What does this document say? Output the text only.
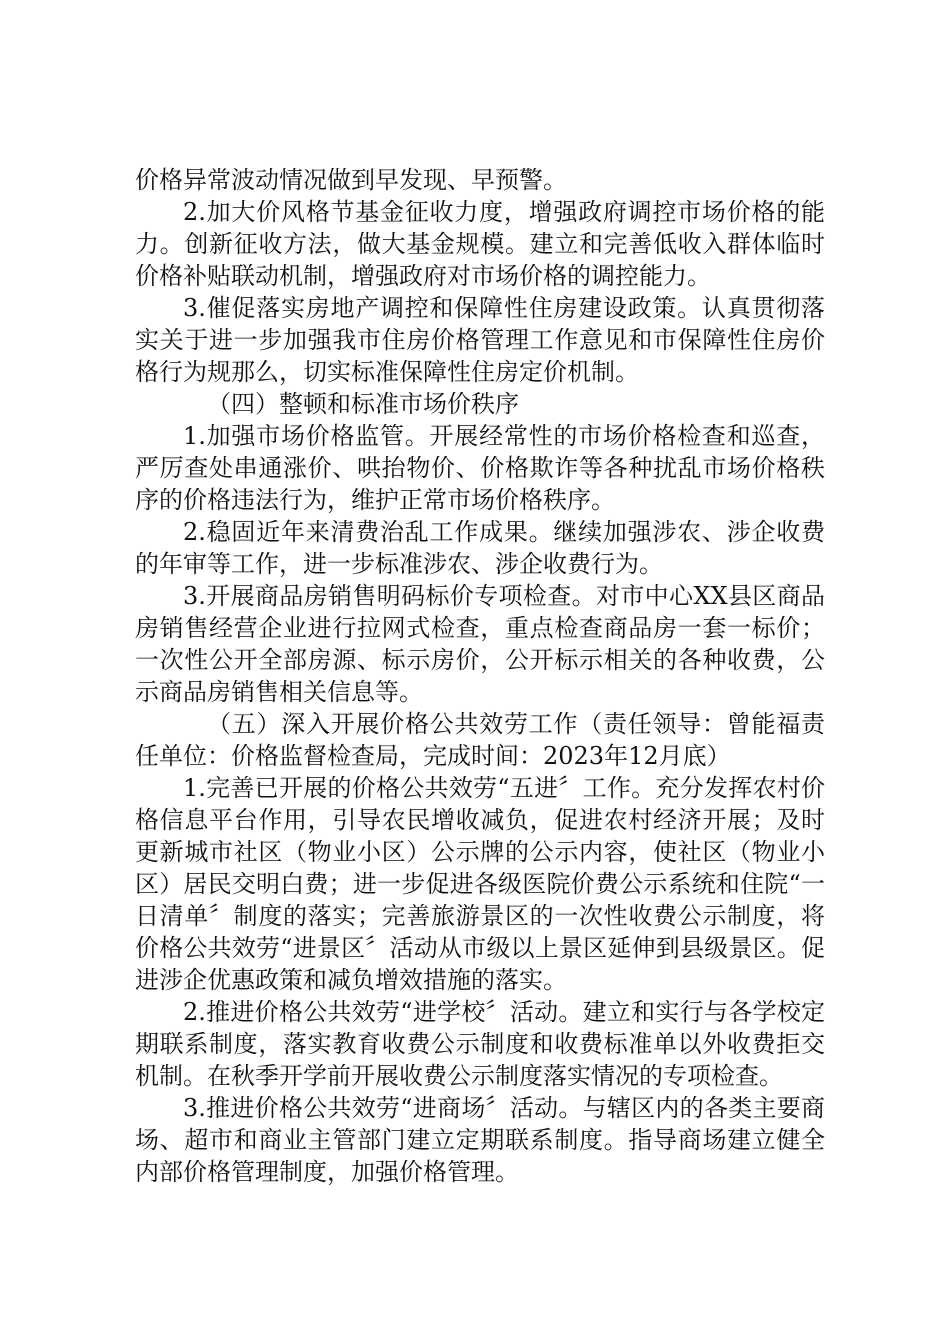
价格异常波动情况做到早发现、早预警。

2.加大价风格节基金征收力度，增强政府调控市场价格的能力。创新征收方法，做大基金规模。建立和完善低收入群体临时价格补贴联动机制，增强政府对市场价格的调控能力。

3.催促落实房地产调控和保障性住房建设政策。认真贯彻落实关于进一步加强我市住房价格管理工作意见和市保障性住房价格行为规那么，切实标准保障性住房定价机制。

（四）整顿和标准市场价秩序

1.加强市场价格监管。开展经常性的市场价格检查和巡查，严厉查处串通涨价、哄抬物价、价格欺诈等各种扰乱市场价格秩序的价格违法行为，维护正常市场价格秩序。

2.稳固近年来清费治乱工作成果。继续加强涉农、涉企收费的年审等工作，进一步标准涉农、涉企收费行为。

3.开展商品房销售明码标价专项检查。对市中心XX县区商品房销售经营企业进行拉网式检查，重点检查商品房一套一标价；一次性公开全部房源、标示房价，公开标示相关的各种收费，公示商品房销售相关信息等。

（五）深入开展价格公共效劳工作（责任领导：曾能福责任单位：价格监督检查局，完成时间：2023年12月底）

1.完善已开展的价格公共效劳“五进〞工作。充分发挥农村价格信息平台作用，引导农民增收减负，促进农村经济开展；及时更新城市社区（物业小区）公示牌的公示内容，使社区（物业小区）居民交明白费；进一步促进各级医院价费公示系统和住院“一日清单〞制度的落实；完善旅游景区的一次性收费公示制度，将价格公共效劳“进景区〞活动从市级以上景区延伸到县级景区。促进涉企优惠政策和减负增效措施的落实。

2.推进价格公共效劳“进学校〞活动。建立和实行与各学校定期联系制度，落实教育收费公示制度和收费标准单以外收费拒交机制。在秋季开学前开展收费公示制度落实情况的专项检查。

3.推进价格公共效劳“进商场〞活动。与辖区内的各类主要商场、超市和商业主管部门建立定期联系制度。指导商场建立健全内部价格管理制度，加强价格管理。
